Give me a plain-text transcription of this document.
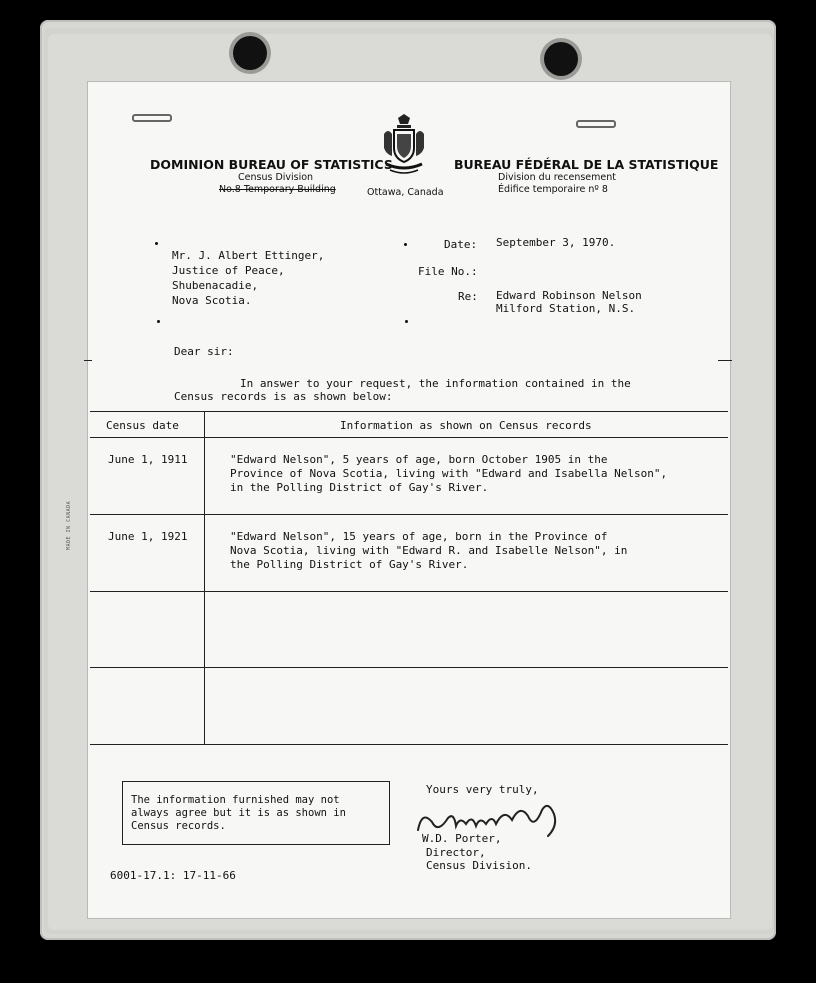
MADE IN CANADA
DOMINION BUREAU OF STATISTICS
Census Division
No.8 Temporary Building	Ottawa, Canada
BUREAU FÉDÉRAL DE LA STATISTIQUE
Division du recensement
Édifice temporaire nº 8
Mr. J. Albert Ettinger,
Justice of Peace,
Shubenacadie,
Nova Scotia.
Date: September 3, 1970.
File No.:
Re: Edward Robinson Nelson
Milford Station, N.S.
Dear sir:
In answer to your request, the information contained in the
Census records is as shown below:
Census date	Information as shown on Census records
June 1, 1911	"Edward Nelson", 5 years of age, born October 1905 in the
Province of Nova Scotia, living with "Edward and Isabella Nelson",
in the Polling District of Gay's River.
June 1, 1921	"Edward Nelson", 15 years of age, born in the Province of
Nova Scotia, living with "Edward R. and Isabelle Nelson", in
the Polling District of Gay's River.
The information furnished may not always agree but it is as shown in Census records.
Yours very truly,
W.D. Porter,
Director,
Census Division.
6001-17.1: 17-11-66
